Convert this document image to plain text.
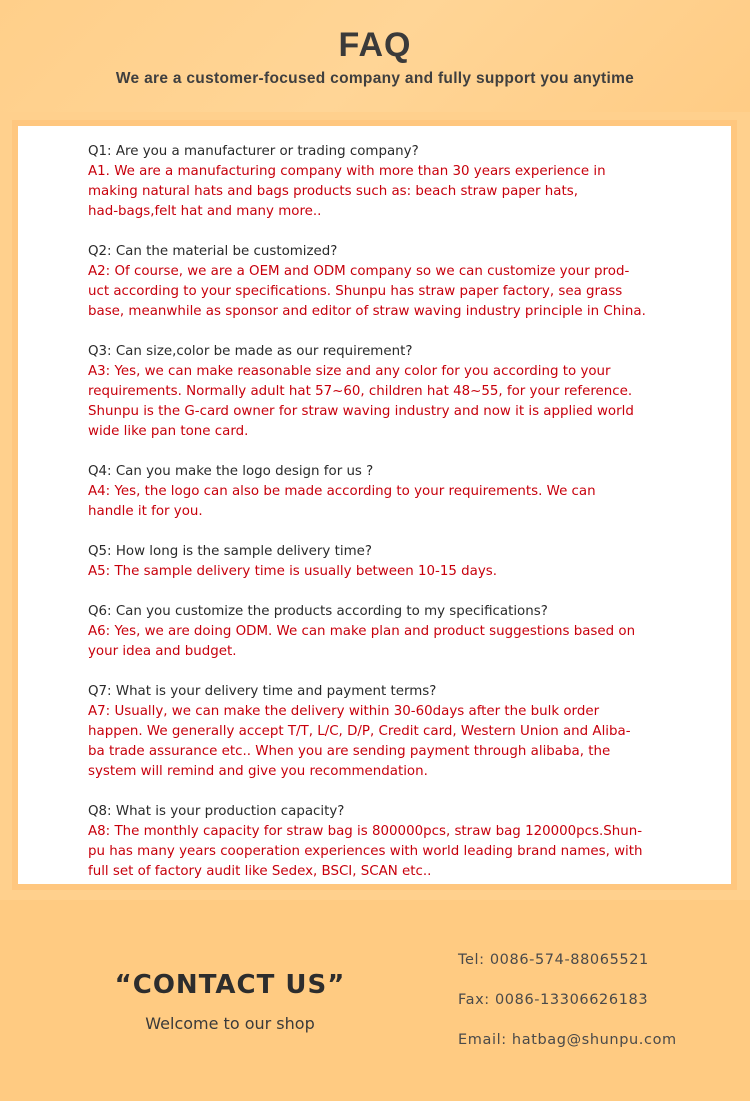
FAQ
We are a customer-focused company and fully support you anytime
Q1: Are you a manufacturer or trading company?
A1. We are a manufacturing company with more than 30 years experience in
making natural hats and bags products such as: beach straw paper hats,
had-bags,felt hat and many more..
Q2: Can the material be customized?
A2: Of course, we are a OEM and ODM company so we can customize your prod-
uct according to your specifications. Shunpu has straw paper factory, sea grass
base, meanwhile as sponsor and editor of straw waving industry principle in China.
Q3: Can size,color be made as our requirement?
A3: Yes, we can make reasonable size and any color for you according to your
requirements. Normally adult hat 57~60, children hat 48~55, for your reference.
Shunpu is the G-card owner for straw waving industry and now it is applied world
wide like pan tone card.
Q4: Can you make the logo design for us ?
A4: Yes, the logo can also be made according to your requirements. We can
handle it for you.
Q5: How long is the sample delivery time?
A5: The sample delivery time is usually between 10-15 days.
Q6: Can you customize the products according to my specifications?
A6: Yes, we are doing ODM. We can make plan and product suggestions based on
your idea and budget.
Q7: What is your delivery time and payment terms?
A7: Usually, we can make the delivery within 30-60days after the bulk order
happen. We generally accept T/T, L/C, D/P, Credit card, Western Union and Aliba-
ba trade assurance etc.. When you are sending payment through alibaba, the
system will remind and give you recommendation.
Q8: What is your production capacity?
A8: The monthly capacity for straw bag is 800000pcs, straw bag 120000pcs.Shun-
pu has many years cooperation experiences with world leading brand names, with
full set of factory audit like Sedex, BSCI, SCAN etc..
“CONTACT US”
Welcome to our shop
Tel: 0086-574-88065521
Fax: 0086-13306626183
Email: hatbag@shunpu.com
